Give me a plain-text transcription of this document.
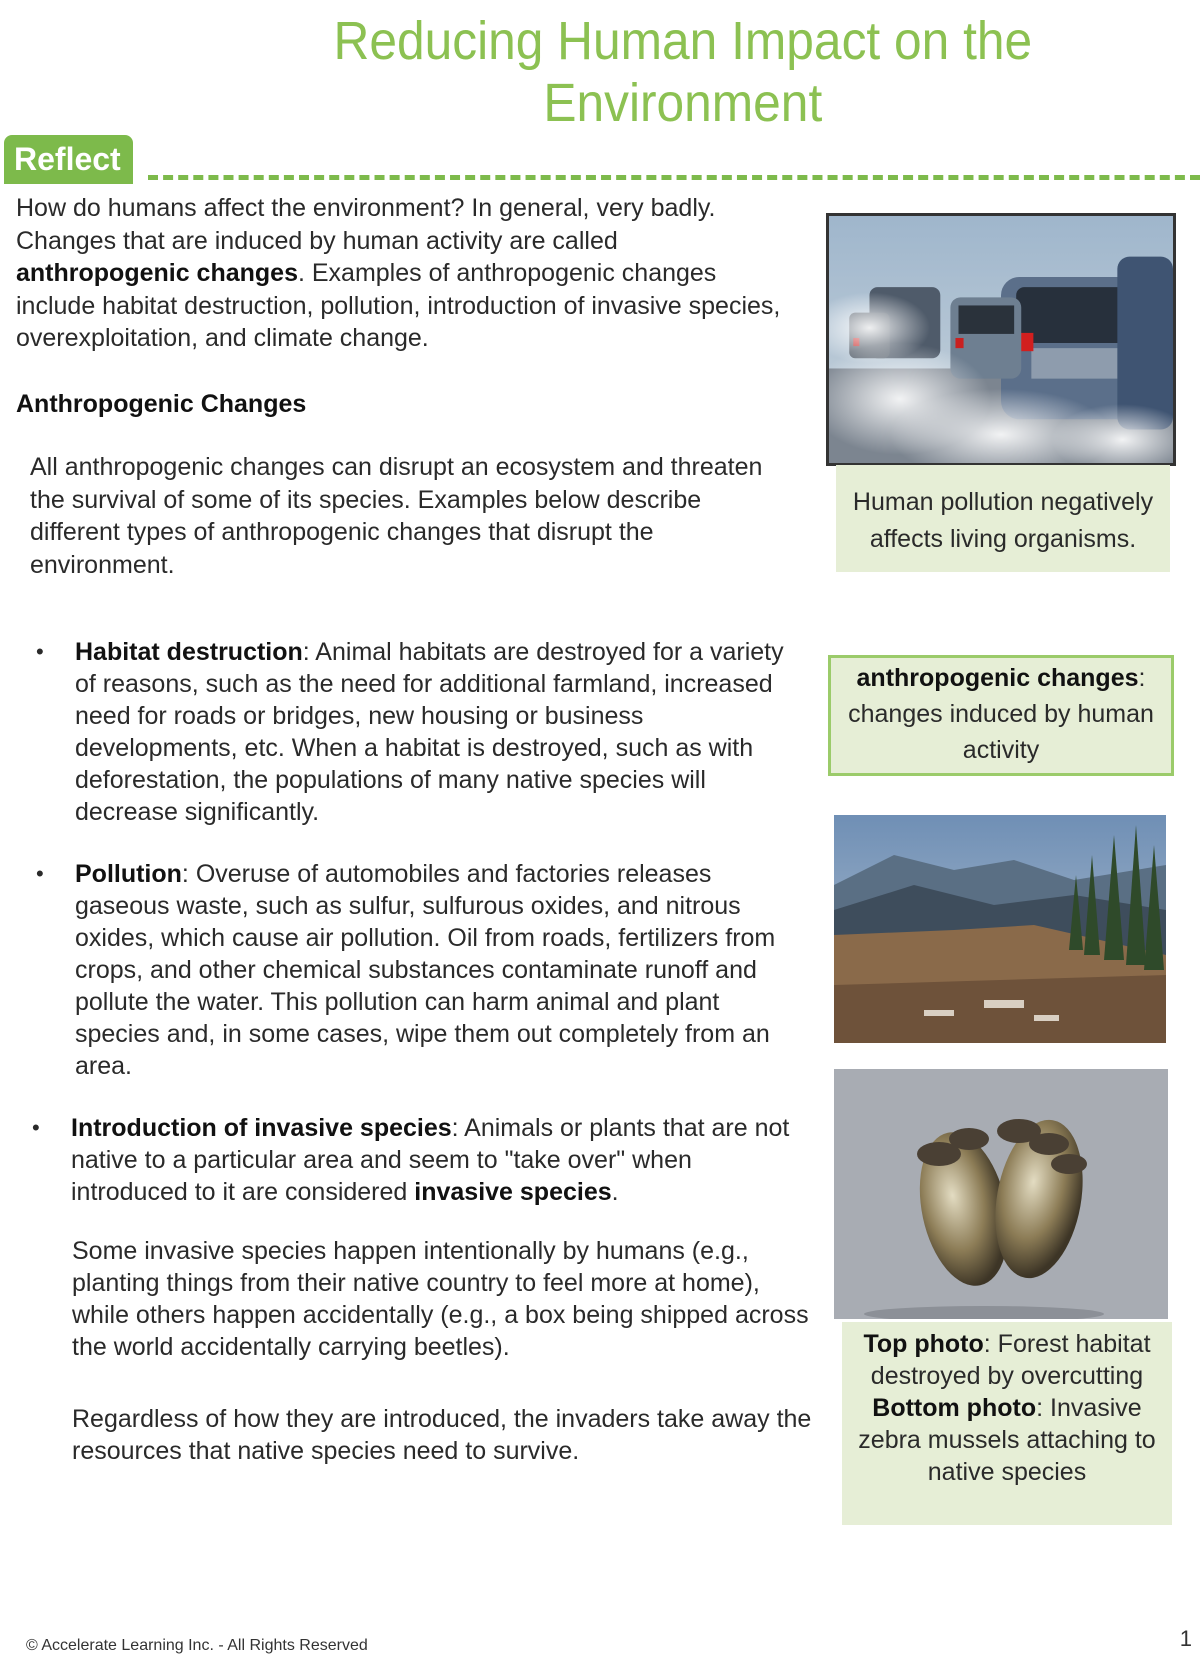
Reducing Human Impact on the Environment
Reflect
How do humans affect the environment? In general, very badly. Changes that are induced by human activity are called anthropogenic changes. Examples of anthropogenic changes include habitat destruction, pollution, introduction of invasive species, overexploitation, and climate change.
Anthropogenic Changes
All anthropogenic changes can disrupt an ecosystem and threaten the survival of some of its species. Examples below describe different types of anthropogenic changes that disrupt the environment.
• Habitat destruction: Animal habitats are destroyed for a variety of reasons, such as the need for additional farmland, increased need for roads or bridges, new housing or business developments, etc. When a habitat is destroyed, such as with deforestation, the populations of many native species will decrease significantly.
• Pollution: Overuse of automobiles and factories releases gaseous waste, such as sulfur, sulfurous oxides, and nitrous oxides, which cause air pollution. Oil from roads, fertilizers from crops, and other chemical substances contaminate runoff and pollute the water. This pollution can harm animal and plant species and, in some cases, wipe them out completely from an area.
• Introduction of invasive species: Animals or plants that are not native to a particular area and seem to "take over" when introduced to it are considered invasive species.
Some invasive species happen intentionally by humans (e.g., planting things from their native country to feel more at home), while others happen accidentally (e.g., a box being shipped across the world accidentally carrying beetles).
Regardless of how they are introduced, the invaders take away the resources that native species need to survive.
Human pollution negatively affects living organisms.
anthropogenic changes:
changes induced by human activity
Top photo: Forest habitat destroyed by overcutting
Bottom photo: Invasive zebra mussels attaching to native species
© Accelerate Learning Inc. - All Rights Reserved	1
